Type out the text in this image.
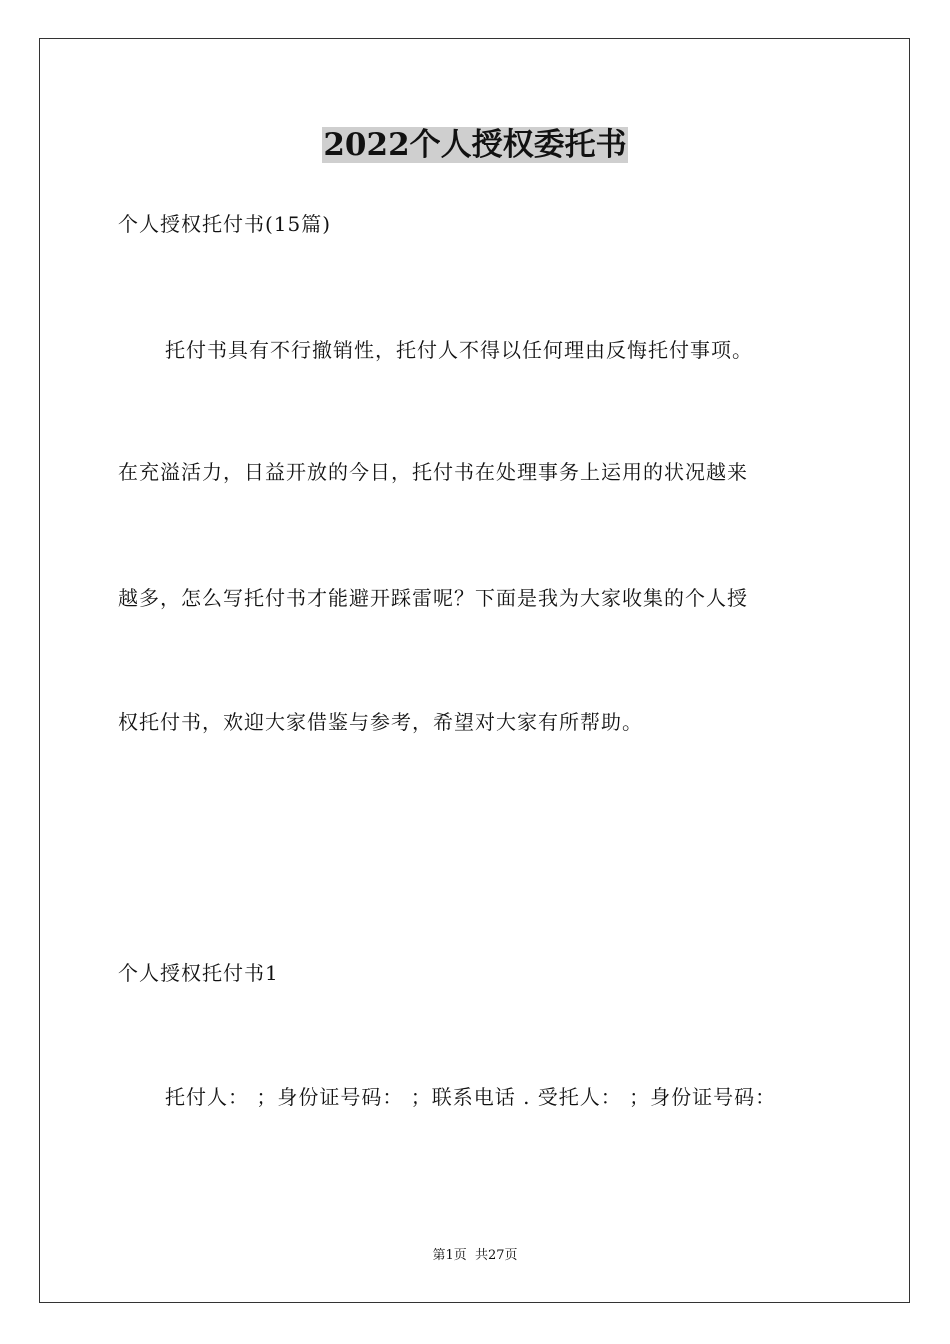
2022个人授权委托书
个人授权托付书(15篇)
托付书具有不行撤销性，托付人不得以任何理由反悔托付事项。
在充溢活力，日益开放的今日，托付书在处理事务上运用的状况越来
越多，怎么写托付书才能避开踩雷呢？下面是我为大家收集的个人授
权托付书，欢迎大家借鉴与参考，希望对大家有所帮助。
个人授权托付书1
托付人： ；身份证号码： ；联系电话 . 受托人： ；身份证号码：
第1页  共27页
